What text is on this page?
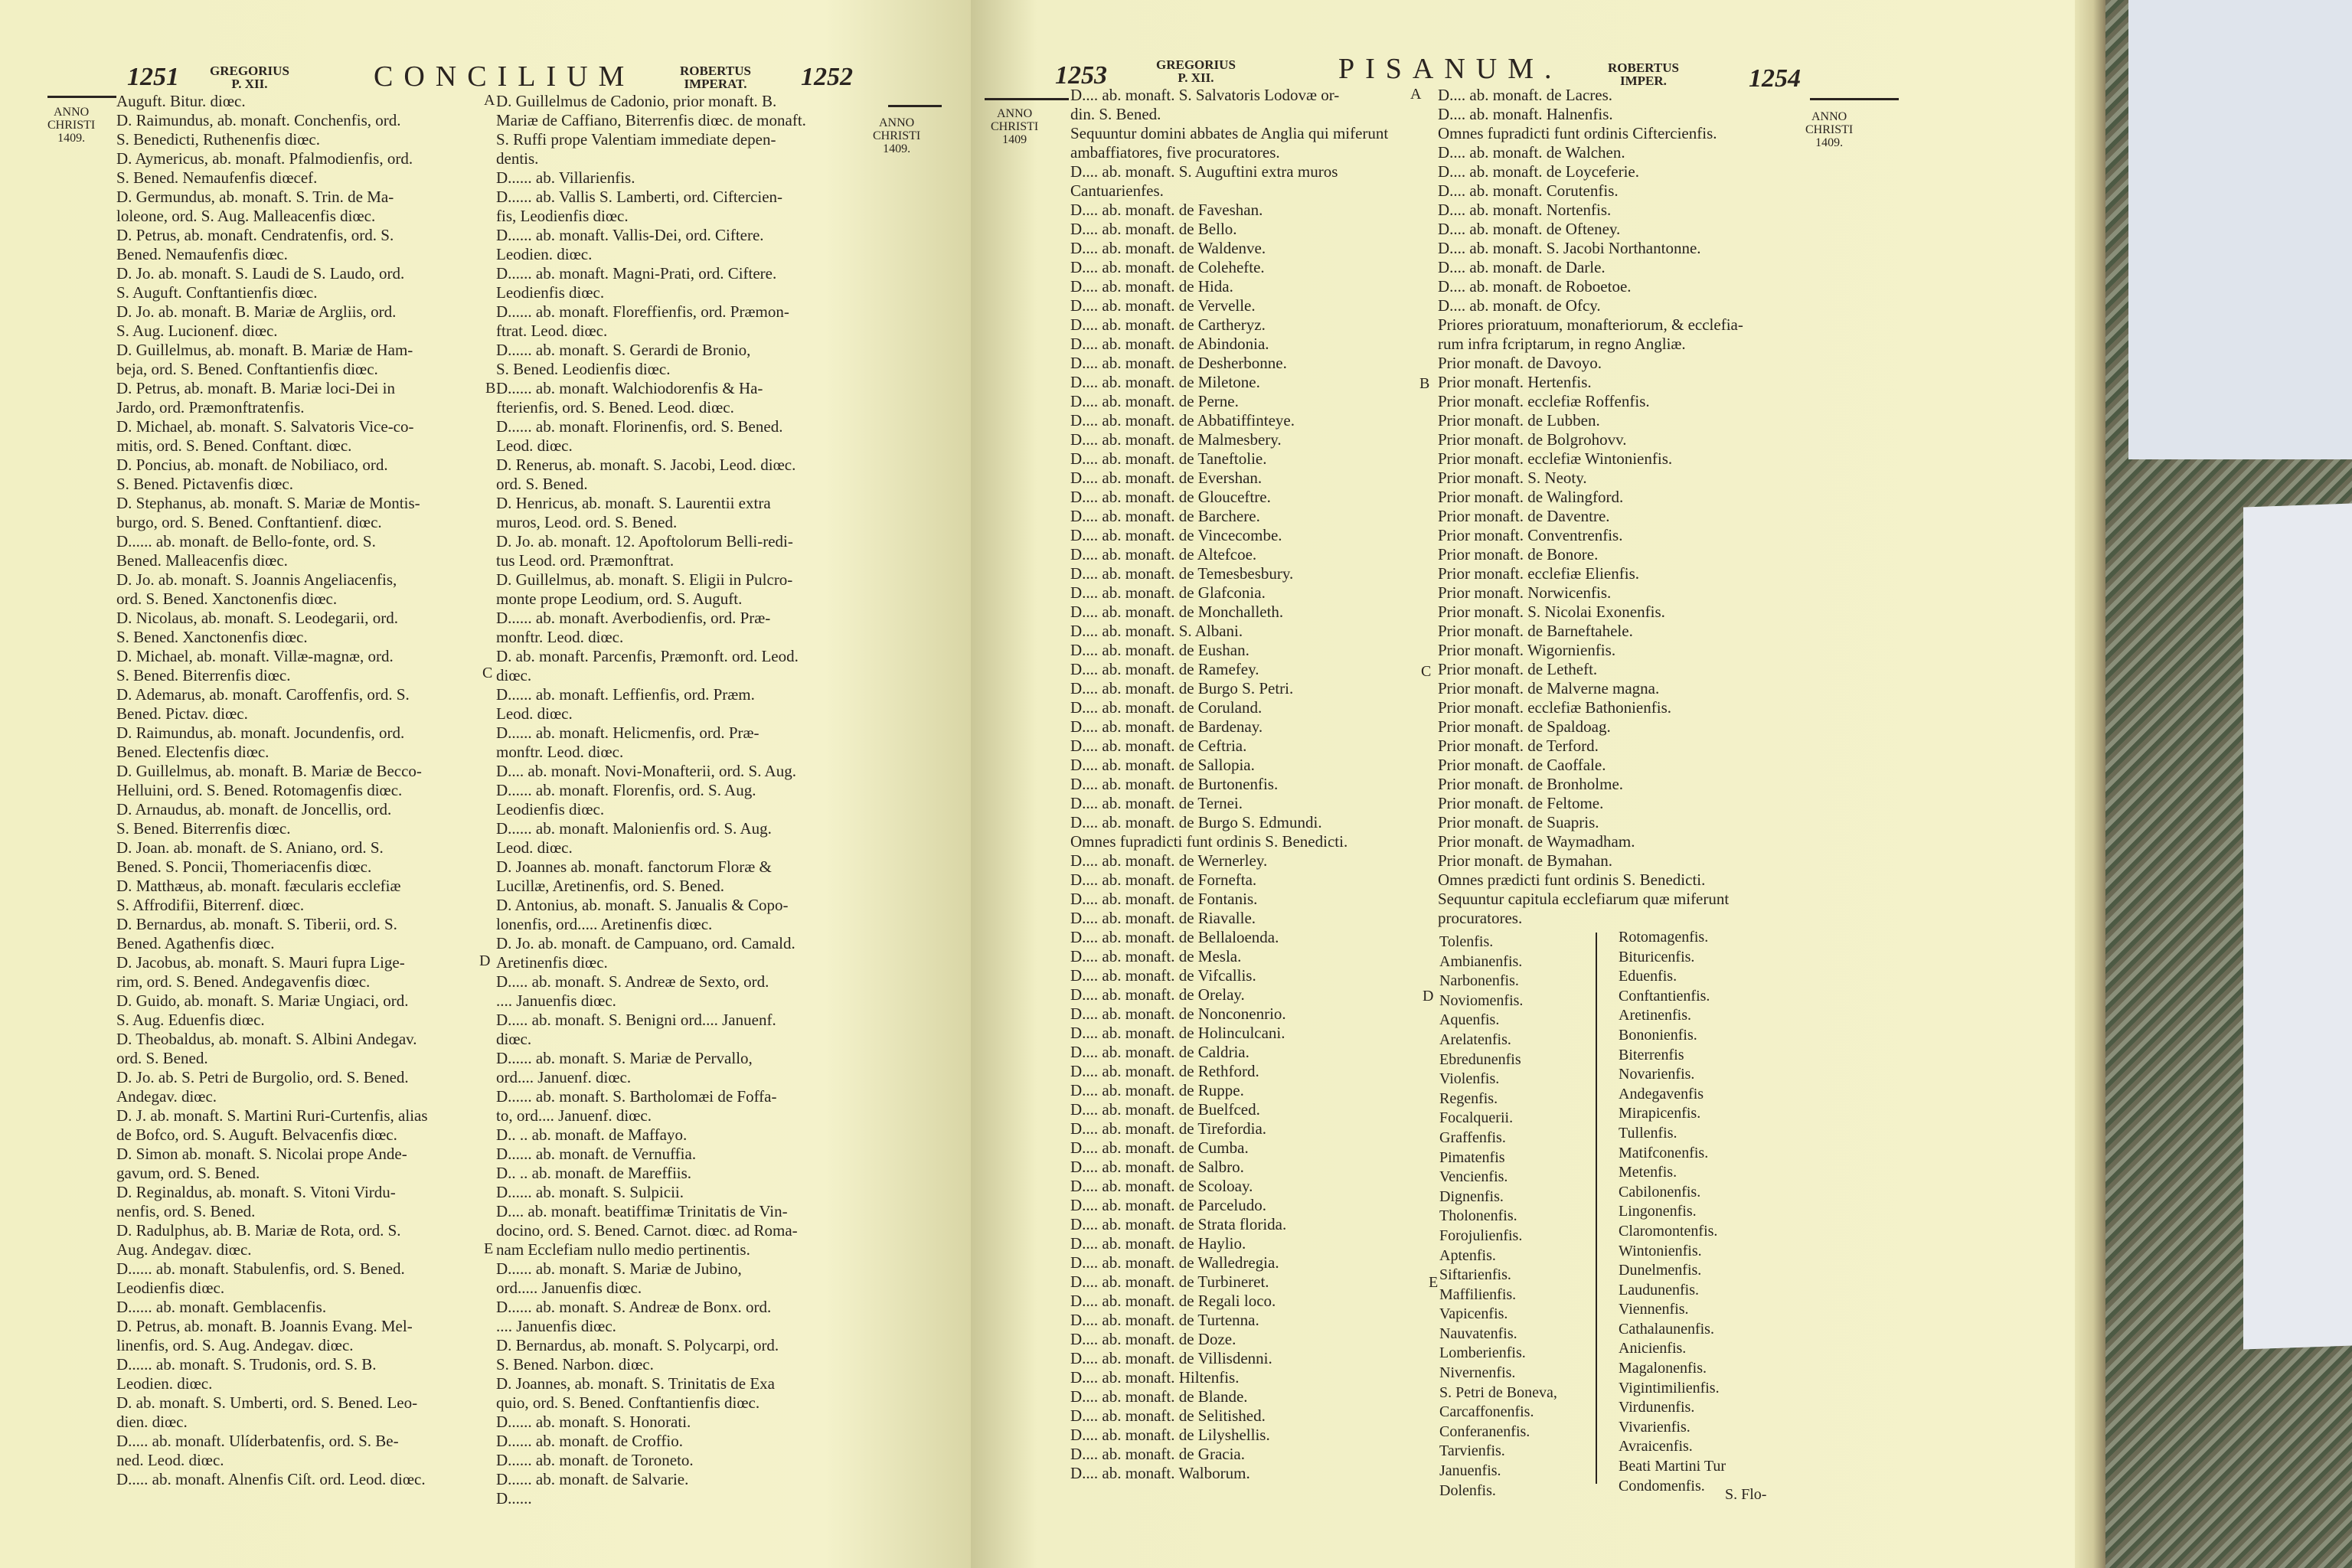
1251 GREGORIUS
P. XII.	CONCILIUM	ROBERTUS
IMPERAT. 1252
ANNO
CHRISTI
1409.
ANNO
CHRISTI
1409.
A
B
C
D
E
Auguft. Bitur. diœc.
D. Raimundus, ab. monaft. Conchenfis, ord.
S. Benedicti, Ruthenenfis diœc.
D. Aymericus, ab. monaft. Pfalmodienfis, ord.
S. Bened. Nemaufenfis diœcef.
D. Germundus, ab. monaft. S. Trin. de Ma-
loleone, ord. S. Aug. Malleacenfis diœc.
D. Petrus, ab. monaft. Cendratenfis, ord. S.
Bened. Nemaufenfis diœc.
D. Jo. ab. monaft. S. Laudi de S. Laudo, ord.
S. Auguft. Conftantienfis diœc.
D. Jo. ab. monaft. B. Mariæ de Argliis, ord.
S. Aug. Lucionenf. diœc.
D. Guillelmus, ab. monaft. B. Mariæ de Ham-
beja, ord. S. Bened. Conftantienfis diœc.
D. Petrus, ab. monaft. B. Mariæ loci-Dei in
Jardo, ord. Præmonftratenfis.
D. Michael, ab. monaft. S. Salvatoris Vice-co-
mitis, ord. S. Bened. Conftant. diœc.
D. Poncius, ab. monaft. de Nobiliaco, ord.
S. Bened. Pictavenfis diœc.
D. Stephanus, ab. monaft. S. Mariæ de Montis-
burgo, ord. S. Bened. Conftantienf. diœc.
D...... ab. monaft. de Bello-fonte, ord. S.
Bened. Malleacenfis diœc.
D. Jo. ab. monaft. S. Joannis Angeliacenfis,
ord. S. Bened. Xanctonenfis diœc.
D. Nicolaus, ab. monaft. S. Leodegarii, ord.
S. Bened. Xanctonenfis diœc.
D. Michael, ab. monaft. Villæ-magnæ, ord.
S. Bened. Biterrenfis diœc.
D. Ademarus, ab. monaft. Caroffenfis, ord. S.
Bened. Pictav. diœc.
D. Raimundus, ab. monaft. Jocundenfis, ord.
Bened. Electenfis diœc.
D. Guillelmus, ab. monaft. B. Mariæ de Becco-
Helluini, ord. S. Bened. Rotomagenfis diœc.
D. Arnaudus, ab. monaft. de Joncellis, ord.
S. Bened. Biterrenfis diœc.
D. Joan. ab. monaft. de S. Aniano, ord. S.
Bened. S. Poncii, Thomeriacenfis diœc.
D. Matthæus, ab. monaft. fæcularis ecclefiæ
S. Affrodifii, Biterrenf. diœc.
D. Bernardus, ab. monaft. S. Tiberii, ord. S.
Bened. Agathenfis diœc.
D. Jacobus, ab. monaft. S. Mauri fupra Lige-
rim, ord. S. Bened. Andegavenfis diœc.
D. Guido, ab. monaft. S. Mariæ Ungiaci, ord.
S. Aug. Eduenfis diœc.
D. Theobaldus, ab. monaft. S. Albini Andegav.
ord. S. Bened.
D. Jo. ab. S. Petri de Burgolio, ord. S. Bened.
Andegav. diœc.
D. J. ab. monaft. S. Martini Ruri-Curtenfis, alias
de Bofco, ord. S. Auguft. Belvacenfis diœc.
D. Simon ab. monaft. S. Nicolai prope Ande-
gavum, ord. S. Bened.
D. Reginaldus, ab. monaft. S. Vitoni Virdu-
nenfis, ord. S. Bened.
D. Radulphus, ab. B. Mariæ de Rota, ord. S.
Aug. Andegav. diœc.
D...... ab. monaft. Stabulenfis, ord. S. Bened.
Leodienfis diœc.
D...... ab. monaft. Gemblacenfis.
D. Petrus, ab. monaft. B. Joannis Evang. Mel-
linenfis, ord. S. Aug. Andegav. diœc.
D...... ab. monaft. S. Trudonis, ord. S. B.
Leodien. diœc.
D. ab. monaft. S. Umberti, ord. S. Bened. Leo-
dien. diœc.
D..... ab. monaft. Ulíderbatenfis, ord. S. Be-
ned. Leod. diœc.
D..... ab. monaft. Alnenfis Ciſt. ord. Leod. diœc.
D. Guillelmus de Cadonio, prior monaft. B.
Mariæ de Caffiano, Biterrenfis diœc. de monaft.
S. Ruffi prope Valentiam immediate depen-
dentis.
D...... ab. Villarienfis.
D...... ab. Vallis S. Lamberti, ord. Ciftercien-
fis, Leodienfis diœc.
D...... ab. monaft. Vallis-Dei, ord. Ciftere.
Leodien. diœc.
D...... ab. monaft. Magni-Prati, ord. Ciftere.
Leodienfis diœc.
D...... ab. monaft. Floreffienfis, ord. Præmon-
ftrat. Leod. diœc.
D...... ab. monaft. S. Gerardi de Bronio,
S. Bened. Leodienfis diœc.
D...... ab. monaft. Walchiodorenfis & Ha-
fterienfis, ord. S. Bened. Leod. diœc.
D...... ab. monaft. Florinenfis, ord. S. Bened.
Leod. diœc.
D. Renerus, ab. monaft. S. Jacobi, Leod. diœc.
ord. S. Bened.
D. Henricus, ab. monaft. S. Laurentii extra
muros, Leod. ord. S. Bened.
D. Jo. ab. monaft. 12. Apoftolorum Belli-redi-
tus Leod. ord. Præmonftrat.
D. Guillelmus, ab. monaft. S. Eligii in Pulcro-
monte prope Leodium, ord. S. Auguft.
D...... ab. monaft. Averbodienfis, ord. Præ-
monftr. Leod. diœc.
D. ab. monaft. Parcenfis, Præmonft. ord. Leod.
diœc.
D...... ab. monaft. Leffienfis, ord. Præm.
Leod. diœc.
D...... ab. monaft. Helicmenfis, ord. Præ-
monftr. Leod. diœc.
D.... ab. monaft. Novi-Monafterii, ord. S. Aug.
D...... ab. monaft. Florenfis, ord. S. Aug.
Leodienfis diœc.
D...... ab. monaft. Malonienfis ord. S. Aug.
Leod. diœc.
D. Joannes ab. monaft. fanctorum Floræ &
Lucillæ, Aretinenfis, ord. S. Bened.
D. Antonius, ab. monaft. S. Janualis & Copo-
lonenfis, ord..... Aretinenfis diœc.
D. Jo. ab. monaft. de Campuano, ord. Camald.
Aretinenfis diœc.
D..... ab. monaft. S. Andreæ de Sexto, ord.
.... Januenfis diœc.
D..... ab. monaft. S. Benigni ord.... Januenf.
diœc.
D...... ab. monaft. S. Mariæ de Pervallo,
ord.... Januenf. diœc.
D...... ab. monaft. S. Bartholomæi de Foffa-
to, ord.... Januenf. diœc.
D.. .. ab. monaft. de Maffayo.
D...... ab. monaft. de Vernuffia.
D.. .. ab. monaft. de Mareffiis.
D...... ab. monaft. S. Sulpicii.
D.... ab. monaft. beatiffimæ Trinitatis de Vin-
docino, ord. S. Bened. Carnot. diœc. ad Roma-
nam Ecclefiam nullo medio pertinentis.
D...... ab. monaft. S. Mariæ de Jubino,
ord..... Januenfis diœc.
D...... ab. monaft. S. Andreæ de Bonx. ord.
.... Januenfis diœc.
D. Bernardus, ab. monaft. S. Polycarpi, ord.
S. Bened. Narbon. diœc.
D. Joannes, ab. monaft. S. Trinitatis de Exa
quio, ord. S. Bened. Conftantienfis diœc.
D...... ab. monaft. S. Honorati.
D...... ab. monaft. de Croffio.
D...... ab. monaft. de Toroneto.
D...... ab. monaft. de Salvarie.
D......
1253	GREGORIUS
P. XII.	PISANUM.	ROBERTUS
IMPER.	1254
ANNO
CHRISTI
1409
ANNO
CHRISTI
1409.
A
B
C
D
E
D.... ab. monaft. S. Salvatoris Lodovæ or-
din. S. Bened.
Sequuntur domini abbates de Anglia qui miferunt
ambaffiatores, five procuratores.
D.... ab. monaft. S. Auguftini extra muros
Cantuarienfes.
D.... ab. monaft. de Faveshan.
D.... ab. monaft. de Bello.
D.... ab. monaft. de Waldenve.
D.... ab. monaft. de Colehefte.
D.... ab. monaft. de Hida.
D.... ab. monaft. de Vervelle.
D.... ab. monaft. de Cartheryz.
D.... ab. monaft. de Abindonia.
D.... ab. monaft. de Desherbonne.
D.... ab. monaft. de Miletone.
D.... ab. monaft. de Perne.
D.... ab. monaft. de Abbatiffinteye.
D.... ab. monaft. de Malmesbery.
D.... ab. monaft. de Taneftolie.
D.... ab. monaft. de Evershan.
D.... ab. monaft. de Glouceftre.
D.... ab. monaft. de Barchere.
D.... ab. monaft. de Vincecombe.
D.... ab. monaft. de Altefcoe.
D.... ab. monaft. de Temesbesbury.
D.... ab. monaft. de Glafconia.
D.... ab. monaft. de Monchalleth.
D.... ab. monaft. S. Albani.
D.... ab. monaft. de Eushan.
D.... ab. monaft. de Ramefey.
D.... ab. monaft. de Burgo S. Petri.
D.... ab. monaft. de Coruland.
D.... ab. monaft. de Bardenay.
D.... ab. monaft. de Ceftria.
D.... ab. monaft. de Sallopia.
D.... ab. monaft. de Burtonenfis.
D.... ab. monaft. de Ternei.
D.... ab. monaft. de Burgo S. Edmundi.
Omnes fupradicti funt ordinis S. Benedicti.
D.... ab. monaft. de Wernerley.
D.... ab. monaft. de Fornefta.
D.... ab. monaft. de Fontanis.
D.... ab. monaft. de Riavalle.
D.... ab. monaft. de Bellaloenda.
D.... ab. monaft. de Mesla.
D.... ab. monaft. de Vifcallis.
D.... ab. monaft. de Orelay.
D.... ab. monaft. de Nonconenrio.
D.... ab. monaft. de Holinculcani.
D.... ab. monaft. de Caldria.
D.... ab. monaft. de Rethford.
D.... ab. monaft. de Ruppe.
D.... ab. monaft. de Buelfced.
D.... ab. monaft. de Tirefordia.
D.... ab. monaft. de Cumba.
D.... ab. monaft. de Salbro.
D.... ab. monaft. de Scoloay.
D.... ab. monaft. de Parceludo.
D.... ab. monaft. de Strata florida.
D.... ab. monaft. de Haylio.
D.... ab. monaft. de Walledregia.
D.... ab. monaft. de Turbineret.
D.... ab. monaft. de Regali loco.
D.... ab. monaft. de Turtenna.
D.... ab. monaft. de Doze.
D.... ab. monaft. de Villisdenni.
D.... ab. monaft. Hiltenfis.
D.... ab. monaft. de Blande.
D.... ab. monaft. de Selitished.
D.... ab. monaft. de Lilyshellis.
D.... ab. monaft. de Gracia.
D.... ab. monaft. Walborum.
D.... ab. monaft. de Lacres.
D.... ab. monaft. Halnenfis.
Omnes fupradicti funt ordinis Ciftercienfis.
D.... ab. monaft. de Walchen.
D.... ab. monaft. de Loyceferie.
D.... ab. monaft. Corutenfis.
D.... ab. monaft. Nortenfis.
D.... ab. monaft. de Ofteney.
D.... ab. monaft. S. Jacobi Northantonne.
D.... ab. monaft. de Darle.
D.... ab. monaft. de Roboetoe.
D.... ab. monaft. de Ofcy.
Priores prioratuum, monafteriorum, & ecclefia-
rum infra fcriptarum, in regno Angliæ.
Prior monaft. de Davoyo.
Prior monaft. Hertenfis.
Prior monaft. ecclefiæ Roffenfis.
Prior monaft. de Lubben.
Prior monaft. de Bolgrohovv.
Prior monaft. ecclefiæ Wintonienfis.
Prior monaft. S. Neoty.
Prior monaft. de Walingford.
Prior monaft. de Daventre.
Prior monaft. Conventrenfis.
Prior monaft. de Bonore.
Prior monaft. ecclefiæ Elienfis.
Prior monaft. Norwicenfis.
Prior monaft. S. Nicolai Exonenfis.
Prior monaft. de Barneftahele.
Prior monaft. Wigornienfis.
Prior monaft. de Letheft.
Prior monaft. de Malverne magna.
Prior monaft. ecclefiæ Bathonienfis.
Prior monaft. de Spaldoag.
Prior monaft. de Terford.
Prior monaft. de Caoffale.
Prior monaft. de Bronholme.
Prior monaft. de Feltome.
Prior monaft. de Suapris.
Prior monaft. de Waymadham.
Prior monaft. de Bymahan.
Omnes prædicti funt ordinis S. Benedicti.
Sequuntur capitula ecclefiarum quæ miferunt
procuratores.
Tolenfis.
Ambianenfis.
Narbonenfis.
Noviomenfis.
Aquenfis.
Arelatenfis.
Ebredunenfis
Violenfis.
Regenfis.
Focalquerii.
Graffenfis.
Pimatenfis
Vencienfis.
Dignenfis.
Tholonenfis.
Forojulienfis.
Aptenfis.
Siftarienfis.
Maffilienfis.
Vapicenfis.
Nauvatenfis.
Lomberienfis.
Nivernenfis.
S. Petri de Boneva,
Carcaffonenfis.
Conferanenfis.
Tarvienfis.
Januenfis.
Dolenfis.
Rotomagenfis.
Bituricenfis.
Eduenfis.
Conftantienfis.
Aretinenfis.
Bononienfis.
Biterrenfis
Novarienfis.
Andegavenfis
Mirapicenfis.
Tullenfis.
Matifconenfis.
Metenfis.
Cabilonenfis.
Lingonenfis.
Claromontenfis.
Wintonienfis.
Dunelmenfis.
Laudunenfis.
Viennenfis.
Cathalaunenfis.
Anicienfis.
Magalonenfis.
Vigintimilienfis.
Virdunenfis.
Vivarienfis.
Avraicenfis.
Beati Martini Tur
Condomenfis.
S. Flo-
